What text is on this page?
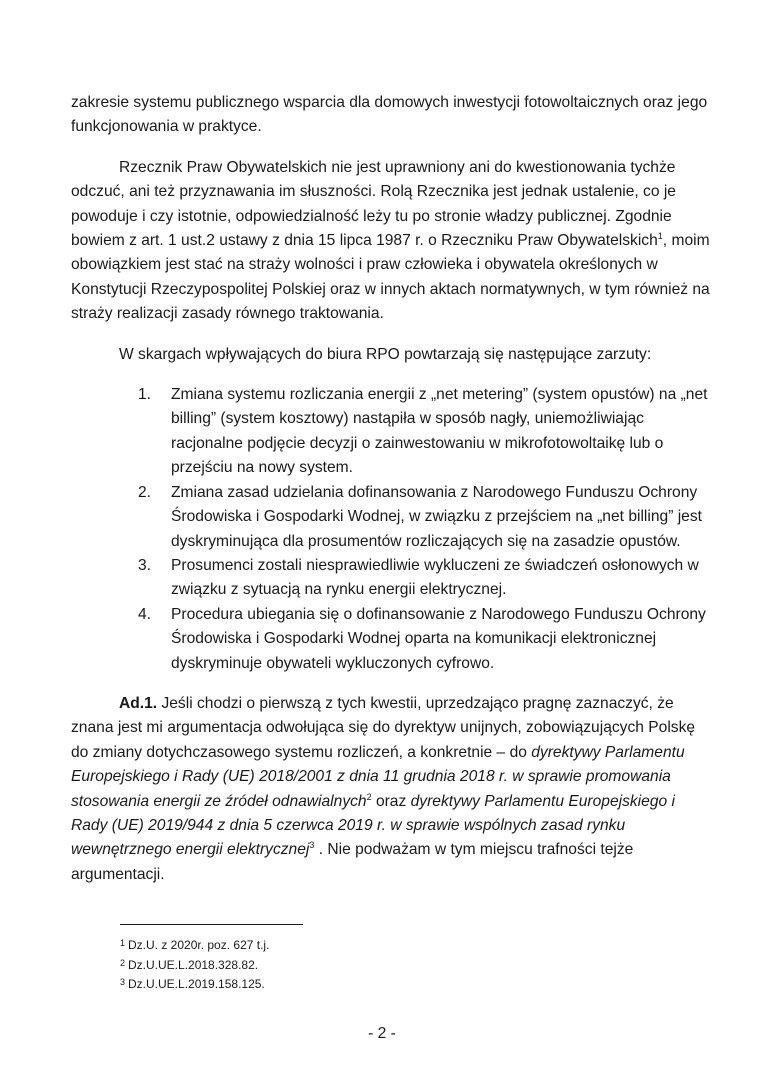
zakresie systemu publicznego wsparcia dla domowych inwestycji fotowoltaicznych oraz jego funkcjonowania w praktyce.

Rzecznik Praw Obywatelskich nie jest uprawniony ani do kwestionowania tychże odczuć, ani też przyznawania im słuszności. Rolą Rzecznika jest jednak ustalenie, co je powoduje i czy istotnie, odpowiedzialność leży tu po stronie władzy publicznej. Zgodnie bowiem z art. 1 ust.2 ustawy z dnia 15 lipca 1987 r. o Rzeczniku Praw Obywatelskich$^1$, moim obowiązkiem jest stać na straży wolności i praw człowieka i obywatela określonych w Konstytucji Rzeczypospolitej Polskiej oraz w innych aktach normatywnych, w tym również na straży realizacji zasady równego traktowania.

W skargach wpływających do biura RPO powtarzają się następujące zarzuty:

1. Zmiana systemu rozliczania energii z „net metering” (system opustów) na „net billing” (system kosztowy) nastąpiła w sposób nagły, uniemożliwiając racjonalne podjęcie decyzji o zainwestowaniu w mikrofotowoltaikę lub o przejściu na nowy system.
2. Zmiana zasad udzielania dofinansowania z Narodowego Funduszu Ochrony Środowiska i Gospodarki Wodnej, w związku z przejściem na „net billing” jest dyskryminująca dla prosumentów rozliczających się na zasadzie opustów.
3. Prosumenci zostali niesprawiedliwie wykluczeni ze świadczeń osłonowych w związku z sytuacją na rynku energii elektrycznej.
4. Procedura ubiegania się o dofinansowanie z Narodowego Funduszu Ochrony Środowiska i Gospodarki Wodnej oparta na komunikacji elektronicznej dyskryminuje obywateli wykluczonych cyfrowo.

Ad.1. Jeśli chodzi o pierwszą z tych kwestii, uprzedzająco pragnę zaznaczyć, że znana jest mi argumentacja odwołująca się do dyrektyw unijnych, zobowiązujących Polskę do zmiany dotychczasowego systemu rozliczeń, a konkretnie – do dyrektywy Parlamentu Europejskiego i Rady (UE) 2018/2001 z dnia 11 grudnia 2018 r. w sprawie promowania stosowania energii ze źródeł odnawialnych$^2$ oraz dyrektywy Parlamentu Europejskiego i Rady (UE) 2019/944 z dnia 5 czerwca 2019 r. w sprawie wspólnych zasad rynku wewnętrznego energii elektrycznej$^3$ . Nie podważam w tym miejscu trafności tejże argumentacji.

$^1$ Dz.U. z 2020r. poz. 627 t.j.
$^2$ Dz.U.UE.L.2018.328.82.
$^3$ Dz.U.UE.L.2019.158.125.
- 2 -
